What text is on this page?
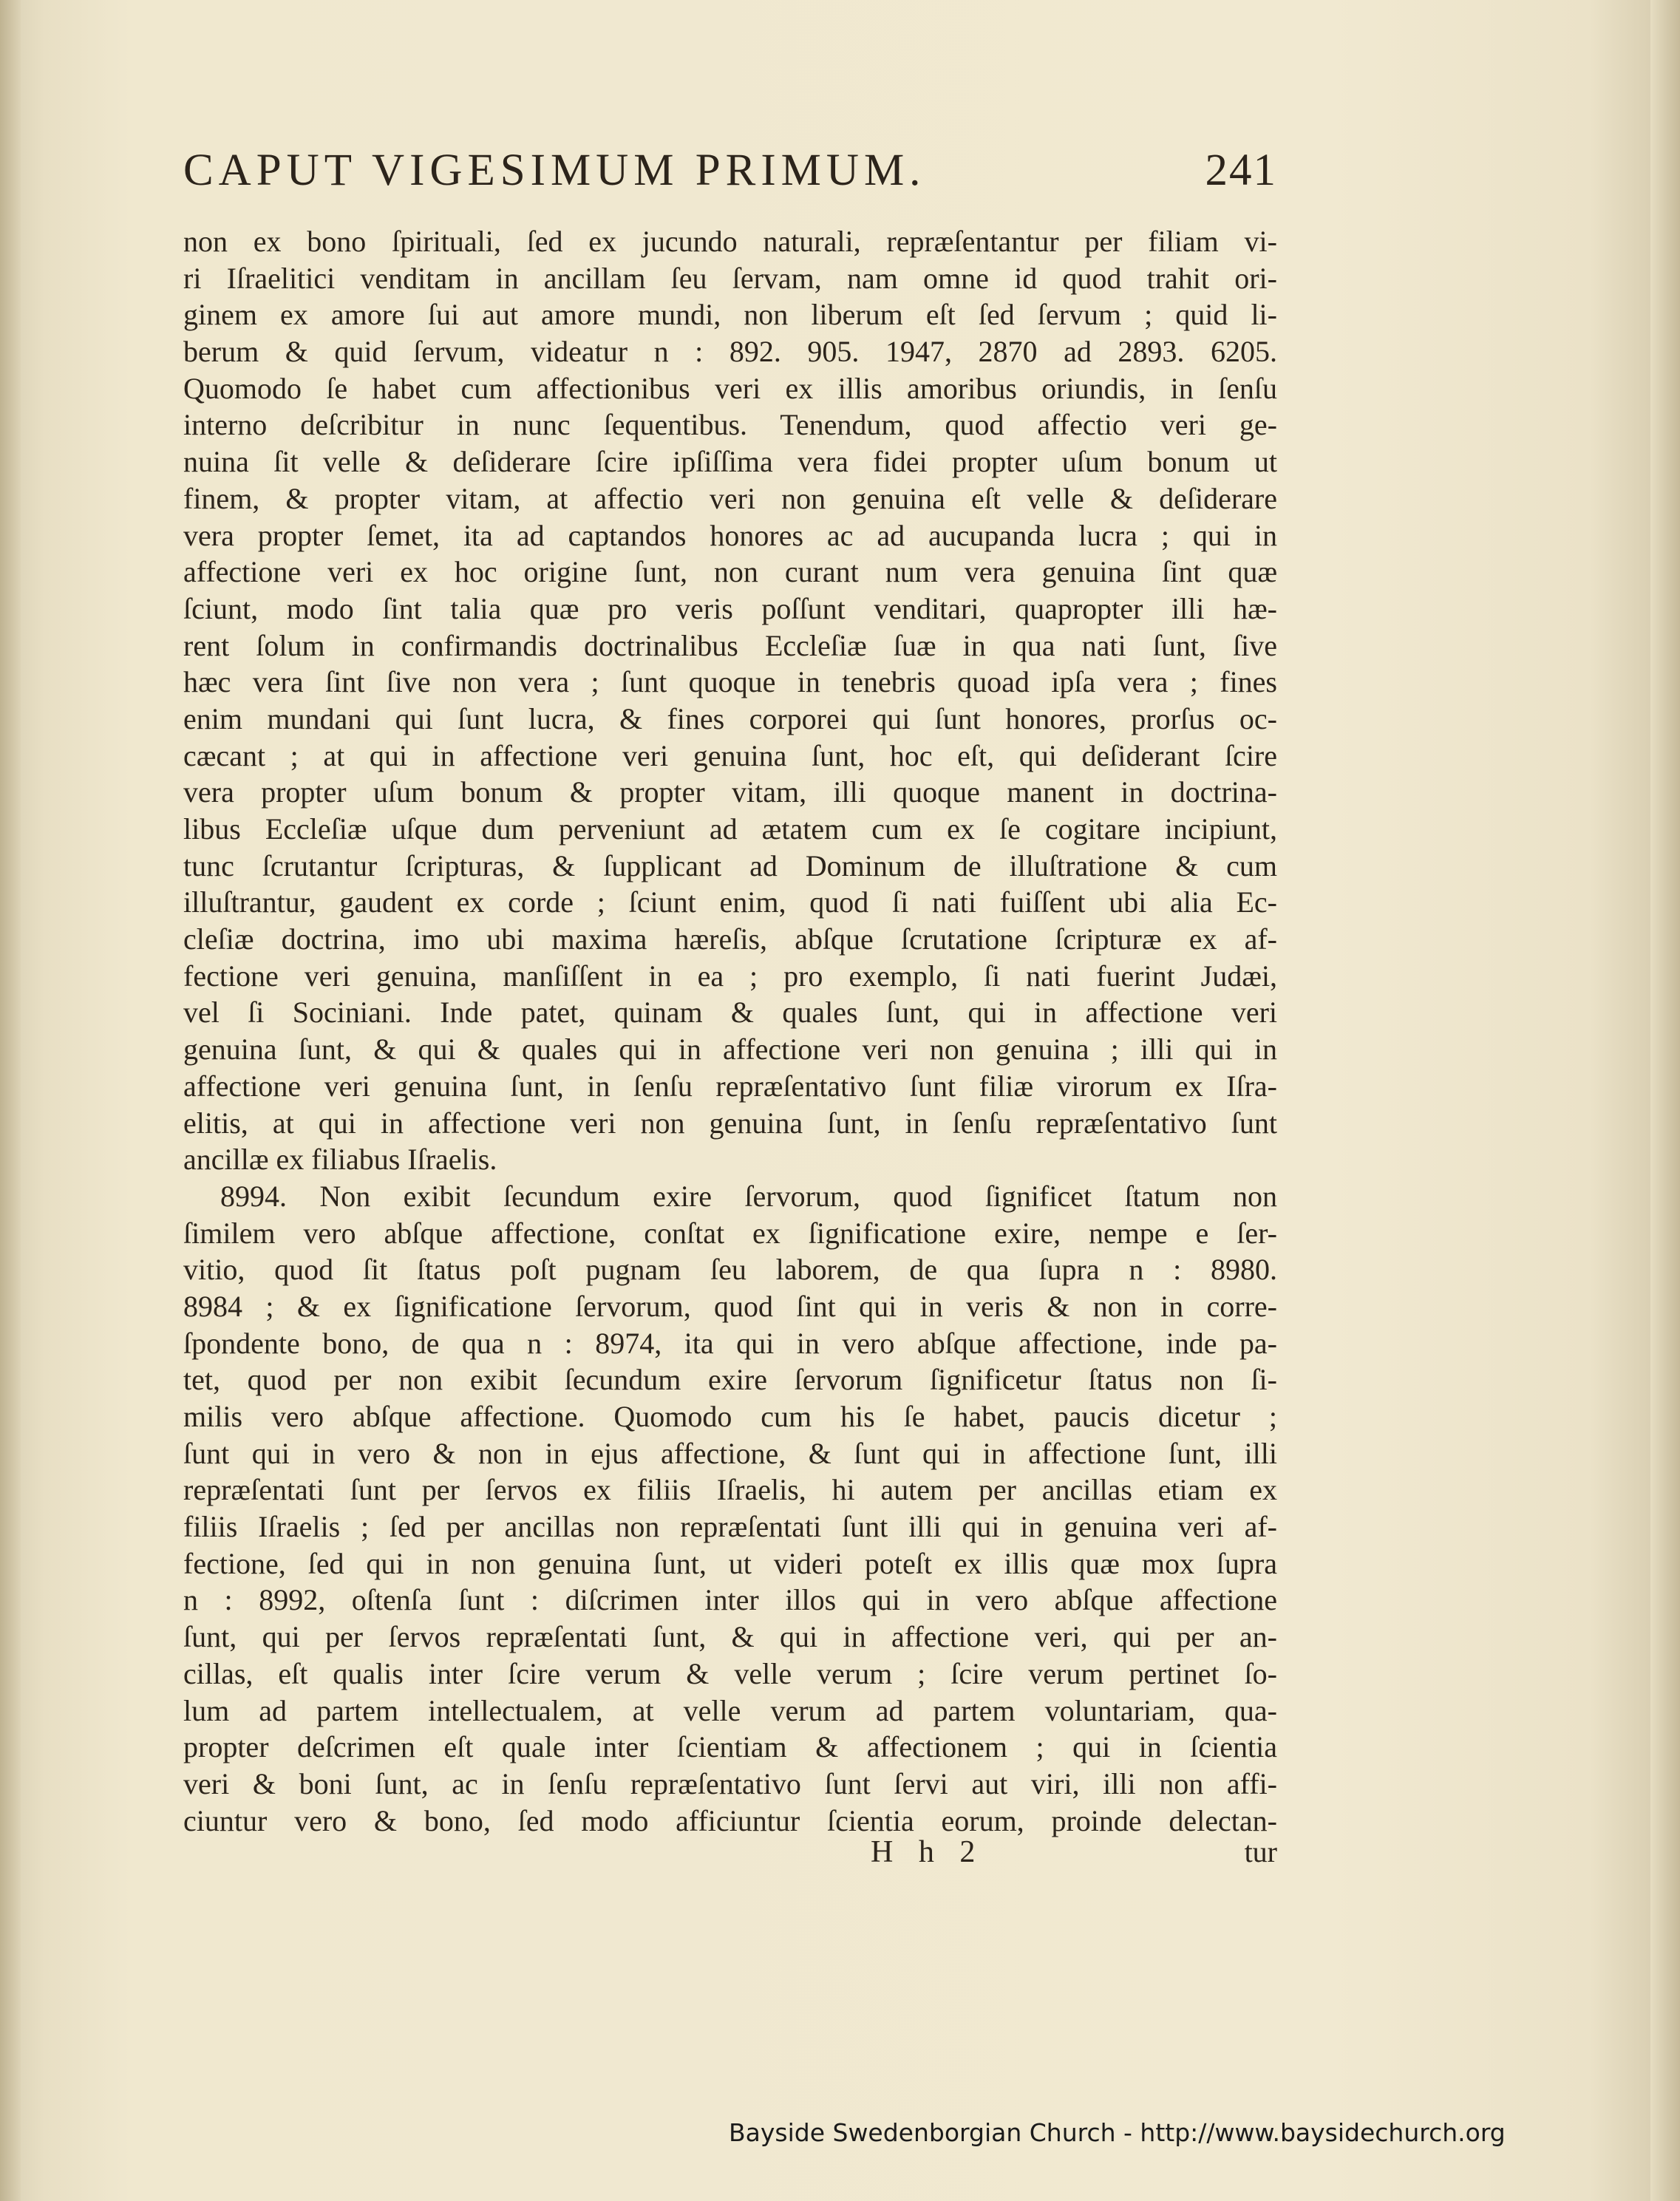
CAPUT VIGESIMUM PRIMUM.	241
non ex bono ſpirituali, ſed ex jucundo naturali, repræſentantur per filiam vi-
ri Iſraelitici venditam in ancillam ſeu ſervam, nam omne id quod trahit ori-
ginem ex amore ſui aut amore mundi, non liberum eſt ſed ſervum ; quid li-
berum & quid ſervum, videatur n : 892. 905. 1947, 2870 ad 2893. 6205.
Quomodo ſe habet cum affectionibus veri ex illis amoribus oriundis, in ſenſu
interno deſcribitur in nunc ſequentibus. Tenendum, quod affectio veri ge-
nuina ſit velle & deſiderare ſcire ipſiſſima vera fidei propter uſum bonum ut
finem, & propter vitam, at affectio veri non genuina eſt velle & deſiderare
vera propter ſemet, ita ad captandos honores ac ad aucupanda lucra ; qui in
affectione veri ex hoc origine ſunt, non curant num vera genuina ſint quæ
ſciunt, modo ſint talia quæ pro veris poſſunt venditari, quapropter illi hæ-
rent ſolum in confirmandis doctrinalibus Eccleſiæ ſuæ in qua nati ſunt, ſive
hæc vera ſint ſive non vera ; ſunt quoque in tenebris quoad ipſa vera ; fines
enim mundani qui ſunt lucra, & fines corporei qui ſunt honores, prorſus oc-
cæcant ; at qui in affectione veri genuina ſunt, hoc eſt, qui deſiderant ſcire
vera propter uſum bonum & propter vitam, illi quoque manent in doctrina-
libus Eccleſiæ uſque dum perveniunt ad ætatem cum ex ſe cogitare incipiunt,
tunc ſcrutantur ſcripturas, & ſupplicant ad Dominum de illuſtratione & cum
illuſtrantur, gaudent ex corde ; ſciunt enim, quod ſi nati fuiſſent ubi alia Ec-
cleſiæ doctrina, imo ubi maxima hæreſis, abſque ſcrutatione ſcripturæ ex af-
fectione veri genuina, manſiſſent in ea ; pro exemplo, ſi nati fuerint Judæi,
vel ſi Sociniani. Inde patet, quinam & quales ſunt, qui in affectione veri
genuina ſunt, & qui & quales qui in affectione veri non genuina ; illi qui in
affectione veri genuina ſunt, in ſenſu repræſentativo ſunt filiæ virorum ex Iſra-
elitis, at qui in affectione veri non genuina ſunt, in ſenſu repræſentativo ſunt
ancillæ ex filiabus Iſraelis.
8994. Non exibit ſecundum exire ſervorum, quod ſignificet ſtatum non
ſimilem vero abſque affectione, conſtat ex ſignificatione exire, nempe e ſer-
vitio, quod ſit ſtatus poſt pugnam ſeu laborem, de qua ſupra n : 8980.
8984 ; & ex ſignificatione ſervorum, quod ſint qui in veris & non in corre-
ſpondente bono, de qua n : 8974, ita qui in vero abſque affectione, inde pa-
tet, quod per non exibit ſecundum exire ſervorum ſignificetur ſtatus non ſi-
milis vero abſque affectione. Quomodo cum his ſe habet, paucis dicetur ;
ſunt qui in vero & non in ejus affectione, & ſunt qui in affectione ſunt, illi
repræſentati ſunt per ſervos ex filiis Iſraelis, hi autem per ancillas etiam ex
filiis Iſraelis ; ſed per ancillas non repræſentati ſunt illi qui in genuina veri af-
fectione, ſed qui in non genuina ſunt, ut videri poteſt ex illis quæ mox ſupra
n : 8992, oſtenſa ſunt : diſcrimen inter illos qui in vero abſque affectione
ſunt, qui per ſervos repræſentati ſunt, & qui in affectione veri, qui per an-
cillas, eſt qualis inter ſcire verum & velle verum ; ſcire verum pertinet ſo-
lum ad partem intellectualem, at velle verum ad partem voluntariam, qua-
propter deſcrimen eſt quale inter ſcientiam & affectionem ; qui in ſcientia
veri & boni ſunt, ac in ſenſu repræſentativo ſunt ſervi aut viri, illi non affi-
ciuntur vero & bono, ſed modo afficiuntur ſcientia eorum, proinde delectan-
H h 2	tur
Bayside Swedenborgian Church - http://www.baysidechurch.org
